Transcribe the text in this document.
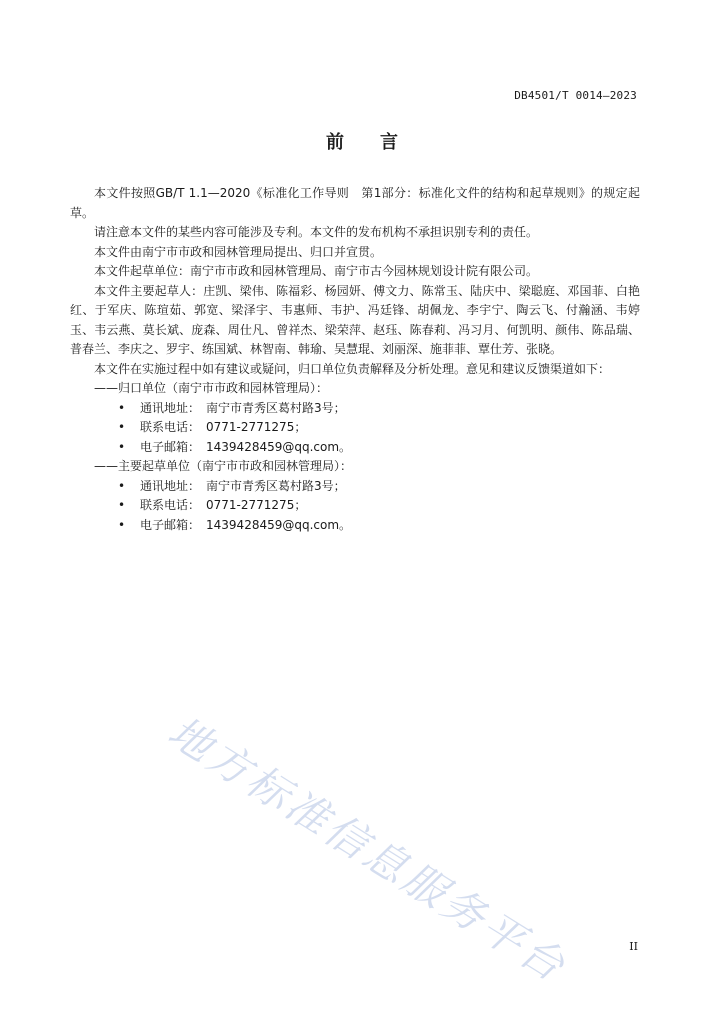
DB4501/T 0014—2023
前　　言
本文件按照GB/T 1.1—2020《标准化工作导则　第1部分：标准化文件的结构和起草规则》的规定起草。
请注意本文件的某些内容可能涉及专利。本文件的发布机构不承担识别专利的责任。
本文件由南宁市市政和园林管理局提出、归口并宣贯。
本文件起草单位：南宁市市政和园林管理局、南宁市古今园林规划设计院有限公司。
本文件主要起草人：庄凯、梁伟、陈福彩、杨园妍、傅文力、陈常玉、陆庆中、梁聪庭、邓国菲、白艳红、于军庆、陈瑄茹、郭宽、梁泽宇、韦惠师、韦护、冯廷锋、胡佩龙、李宇宁、陶云飞、付瀚涵、韦婷玉、韦云燕、莫长斌、庞森、周仕凡、曾祥杰、梁荣萍、赵珏、陈春莉、冯习月、何凯明、颜伟、陈品瑞、普春兰、李庆之、罗宇、练国斌、林智南、韩瑜、吴慧琨、刘丽深、施菲菲、覃仕芳、张晓。
本文件在实施过程中如有建议或疑问，归口单位负责解释及分析处理。意见和建议反馈渠道如下：
——归口单位（南宁市市政和园林管理局）：
•	通讯地址： 南宁市青秀区葛村路3号；
•	联系电话： 0771-2771275；
•	电子邮箱： 1439428459@qq.com。
——主要起草单位（南宁市市政和园林管理局）：
•	通讯地址： 南宁市青秀区葛村路3号；
•	联系电话： 0771-2771275；
•	电子邮箱： 1439428459@qq.com。
地方标准信息服务平台	II
